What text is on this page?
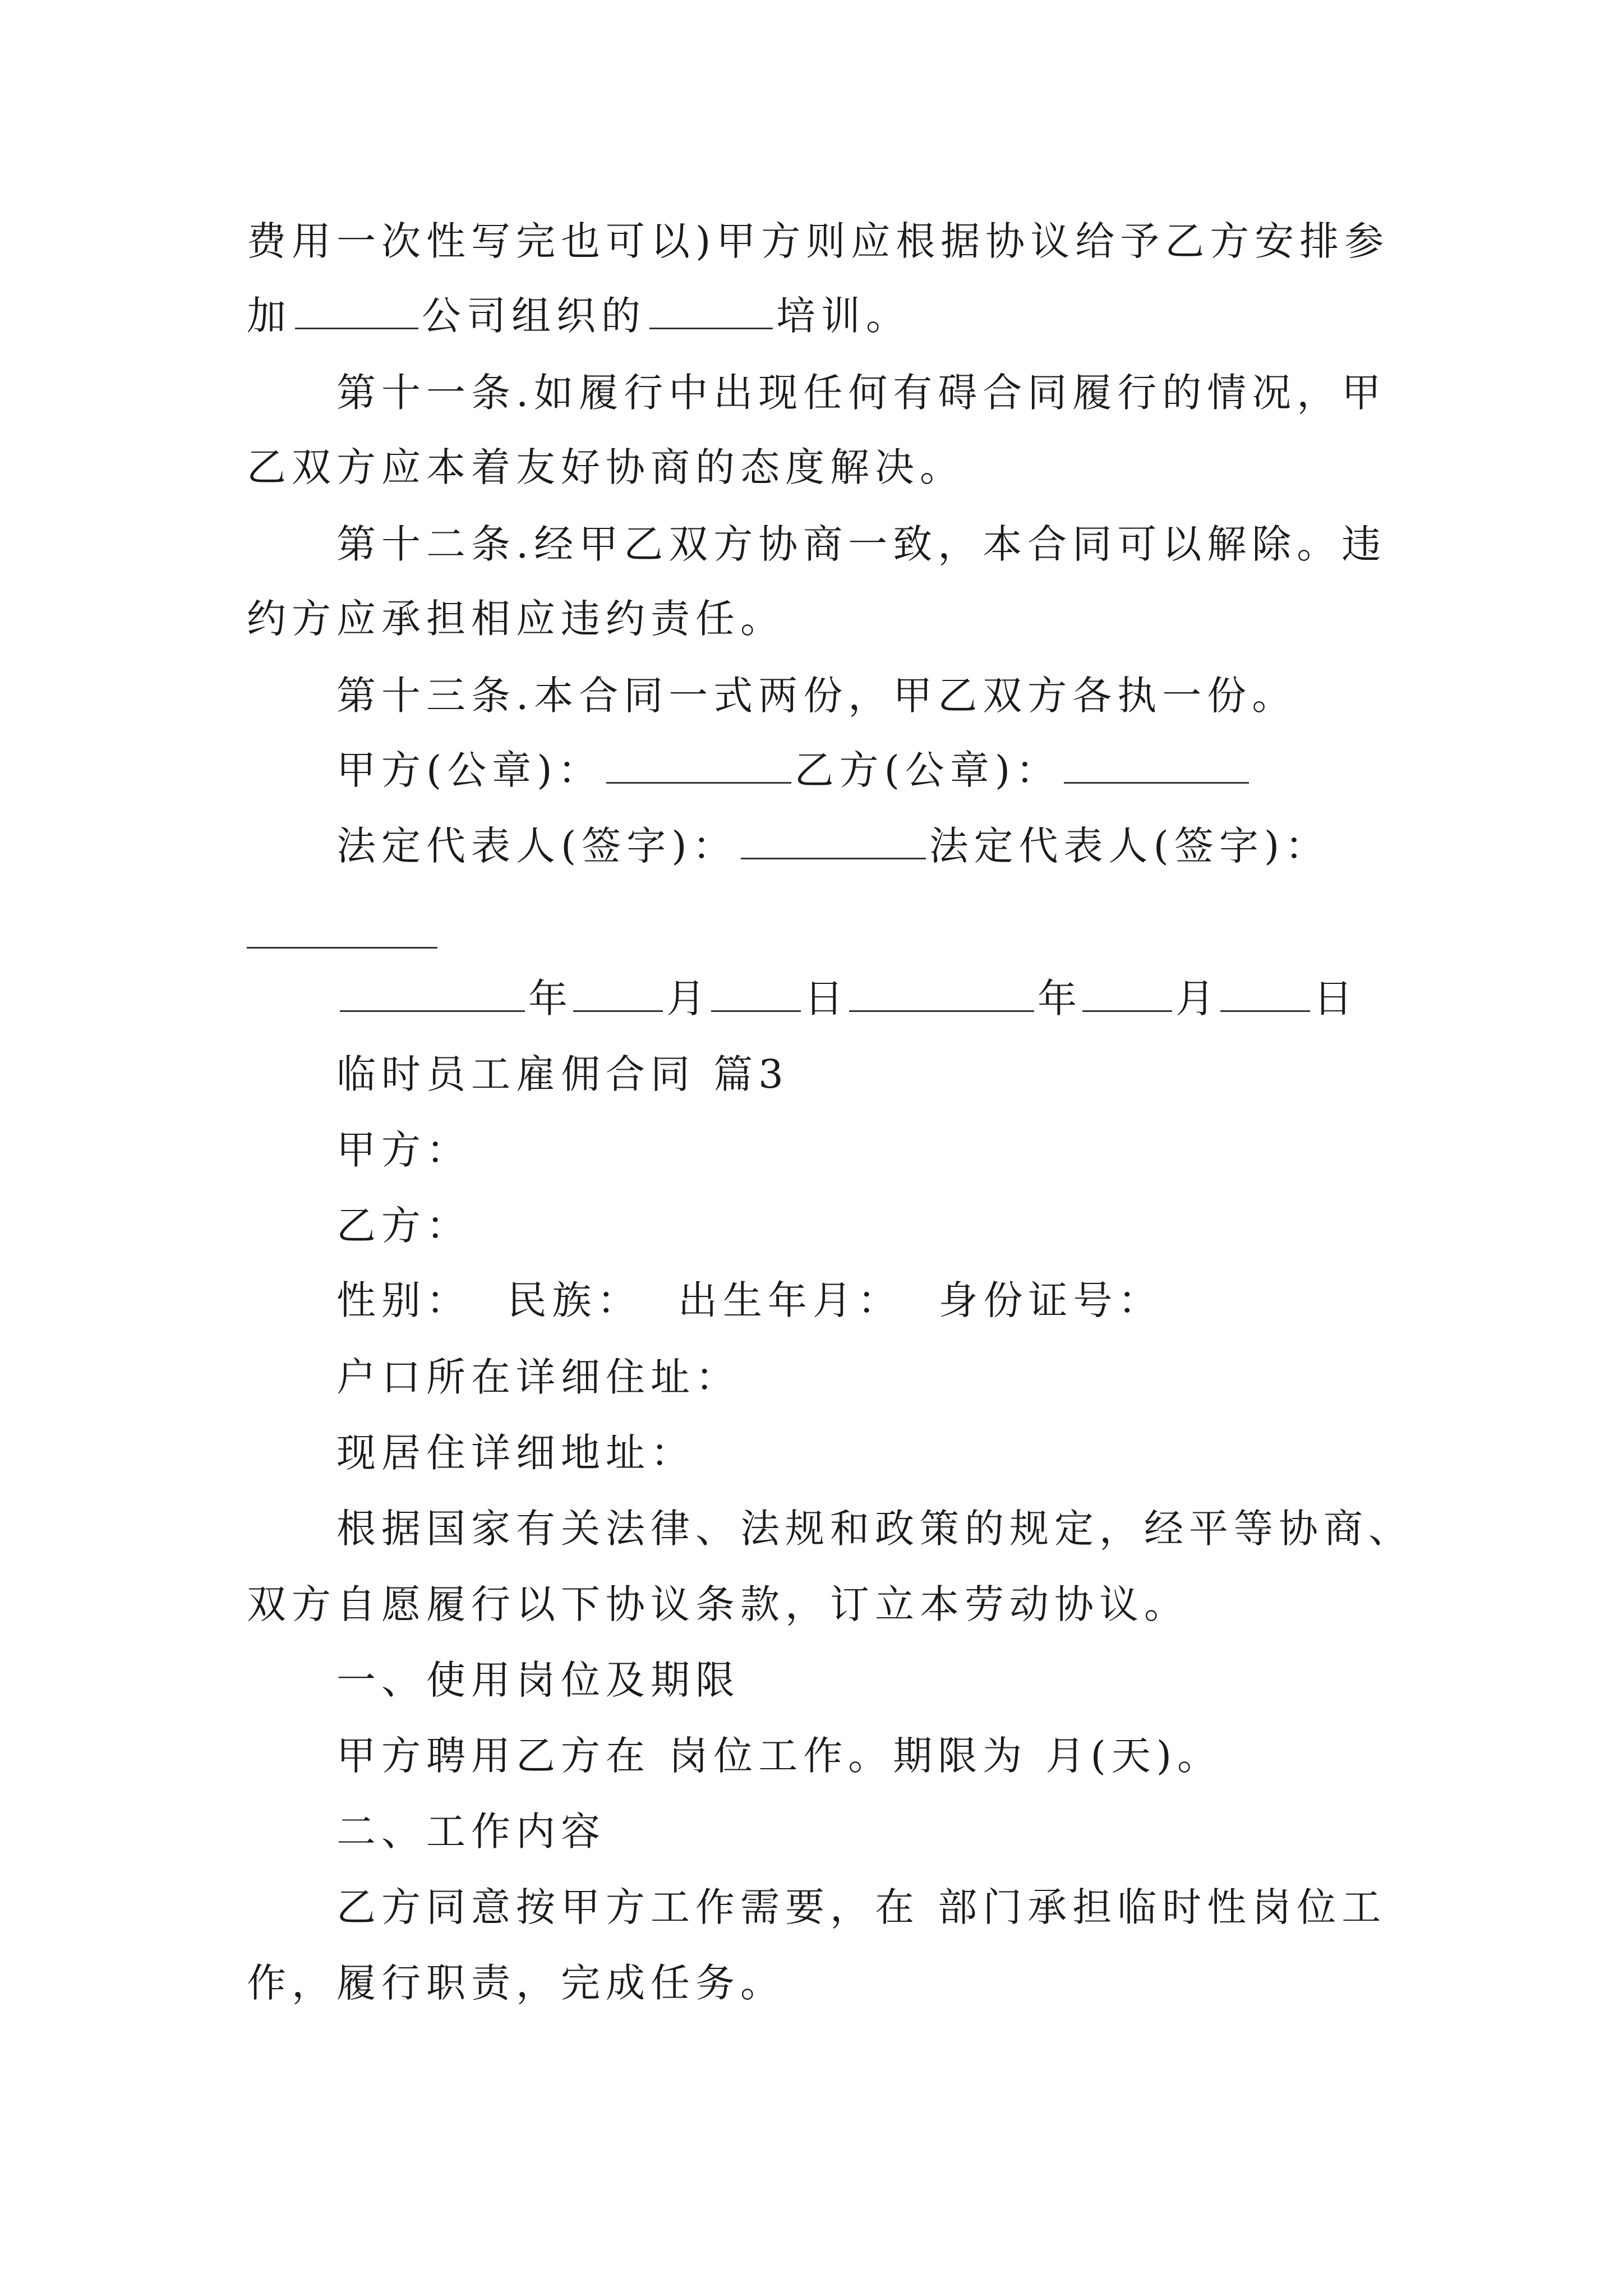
费用一次性写完也可以)甲方则应根据协议给予乙方安排参
加	公司组织的	培训。
第十一条.如履行中出现任何有碍合同履行的情况，甲
乙双方应本着友好协商的态度解决。
第十二条.经甲乙双方协商一致，本合同可以解除。违
约方应承担相应违约责任。
第十三条.本合同一式两份，甲乙双方各执一份。
甲方(公章)：	乙方(公章)：
法定代表人(签字)：	法定代表人(签字)：
年 月 日	年 月 日
临时员工雇佣合同 篇3
甲方：
乙方：
性别：  民族：  出生年月：  身份证号：
户口所在详细住址：
现居住详细地址：
根据国家有关法律、法规和政策的规定，经平等协商、
双方自愿履行以下协议条款，订立本劳动协议。
一、使用岗位及期限
甲方聘用乙方在 岗位工作。期限为 月(天)。
二、工作内容
乙方同意按甲方工作需要，在 部门承担临时性岗位工
作，履行职责，完成任务。
